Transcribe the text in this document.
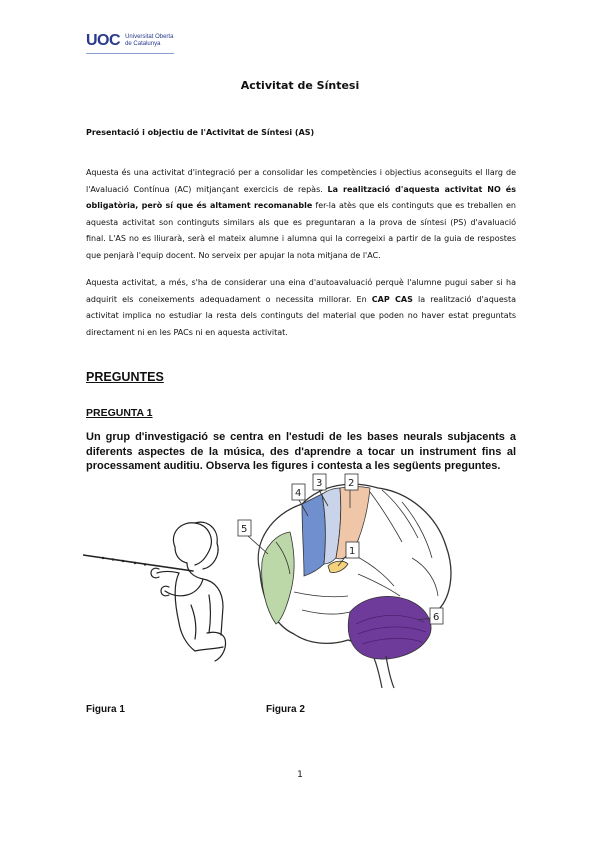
UOC Universitat Oberta
de Catalunya
Activitat de Síntesi
Presentació i objectiu de l'Activitat de Síntesi (AS)
Aquesta és una activitat d'integració per a consolidar les competències i objectius aconseguits el llarg de l'Avaluació Contínua (AC) mitjançant exercicis de repàs. La realització d'aquesta activitat NO és obligatòria, però sí que és altament recomanable fer-la atès que els continguts que es treballen en aquesta activitat son continguts similars als que es preguntaran a la prova de síntesi (PS) d'avaluació final. L'AS no es lliurarà, serà el mateix alumne i alumna qui la corregeixi a partir de la guia de respostes que penjarà l'equip docent. No serveix per apujar la nota mitjana de l'AC.
Aquesta activitat, a més, s'ha de considerar una eina d'autoavaluació perquè l'alumne pugui saber si ha adquirit els coneixements adequadament o necessita millorar. En CAP CAS la realització d'aquesta activitat implica no estudiar la resta dels continguts del material que poden no haver estat preguntats directament ni en les PACs ni en aquesta activitat.
PREGUNTES
PREGUNTA 1
Un grup d'investigació se centra en l'estudi de les bases neurals subjacents a diferents aspectes de la música, des d'aprendre a tocar un instrument fins al processament auditiu. Observa les figures i contesta a les següents preguntes.
4
3	2
5
1
6
Figura 1	Figura 2
1
